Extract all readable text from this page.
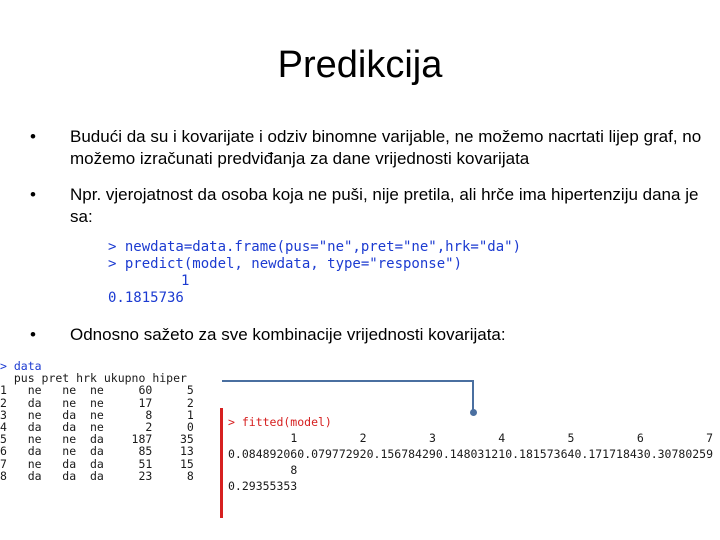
Predikcija
•	Budući da su i kovarijate i odziv binomne varijable, ne možemo nacrtati lijep graf, no možemo izračunati predviđanja za dane vrijednosti kovarijata
•	Npr. vjerojatnost da osoba koja ne puši, nije pretila, ali hrče ima hipertenziju dana je sa:
•	Odnosno sažeto za sve kombinacije vrijednosti kovarijata:
> newdata=data.frame(pus="ne",pret="ne",hrk="da")
> predict(model, newdata, type="response")
1
0.1815736
> data
pus pret hrk ukupno hiper
1   ne   ne  ne     60     5
2   da   ne  ne     17     2
3   ne   da  ne      8     1
4   da   da  ne      2     0
5   ne   ne  da    187    35
6   da   ne  da     85    13
7   ne   da  da     51    15
8   da   da  da     23     8
> fitted(model)
1	2	3	4	5	6	7
0.08489206 0.07977292 0.15678429 0.14803121 0.18157364 0.17171843 0.30780259
8
0.29355353
